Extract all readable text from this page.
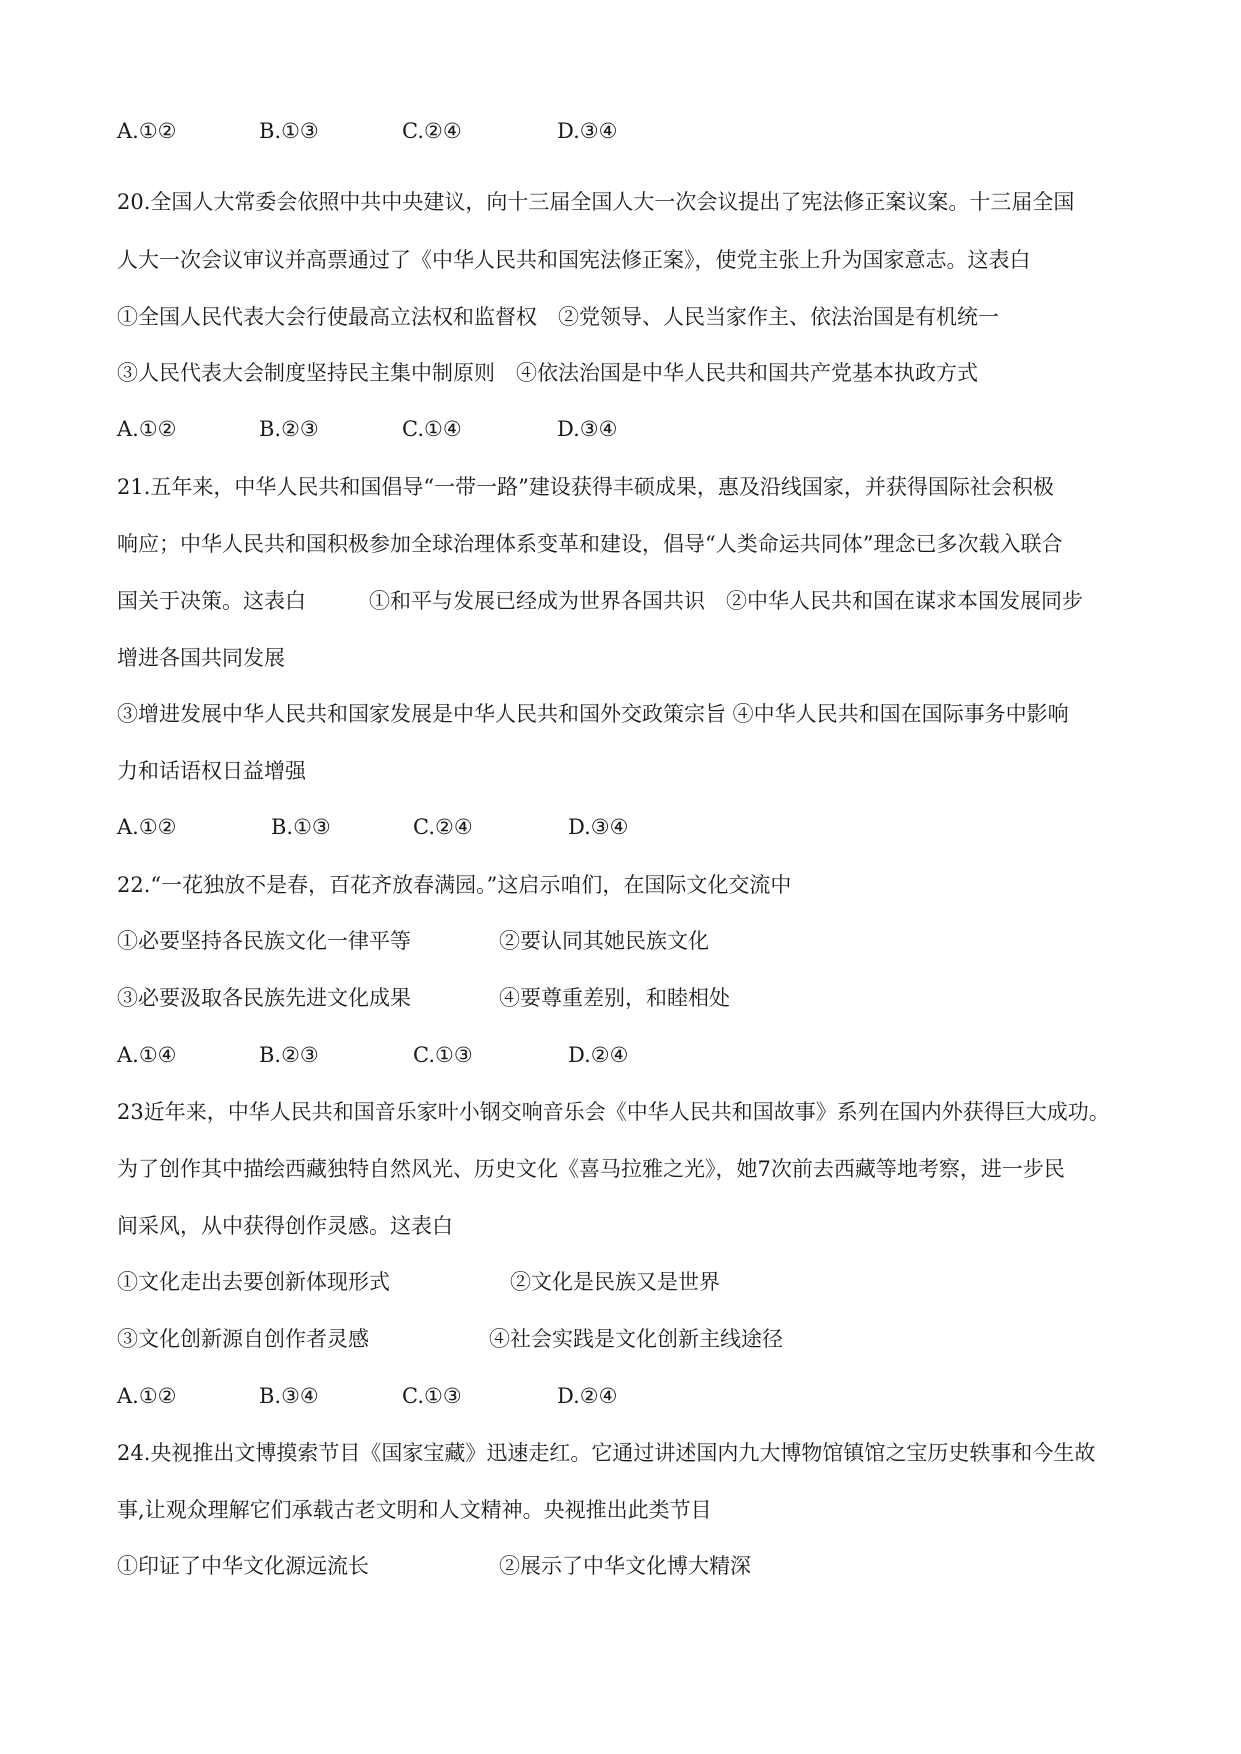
A.①②	B.①③	C.②④	D.③④
20.全国人大常委会依照中共中央建议，向十三届全国人大一次会议提出了宪法修正案议案。十三届全国
人大一次会议审议并高票通过了《中华人民共和国宪法修正案》，使党主张上升为国家意志。这表白
①全国人民代表大会行使最高立法权和监督权　②党领导、人民当家作主、依法治国是有机统一
③人民代表大会制度坚持民主集中制原则　④依法治国是中华人民共和国共产党基本执政方式
A.①②	B.②③	C.①④	D.③④
21.五年来，中华人民共和国倡导“一带一路”建设获得丰硕成果，惠及沿线国家，并获得国际社会积极
响应；中华人民共和国积极参加全球治理体系变革和建设，倡导“人类命运共同体”理念已多次载入联合
国关于决策。这表白　　　①和平与发展已经成为世界各国共识　②中华人民共和国在谋求本国发展同步
增进各国共同发展
③增进发展中华人民共和国家发展是中华人民共和国外交政策宗旨 ④中华人民共和国在国际事务中影响
力和话语权日益增强
A.①②	B.①③	C.②④	D.③④
22.“一花独放不是春，百花齐放春满园。”这启示咱们，在国际文化交流中
①必要坚持各民族文化一律平等	②要认同其她民族文化
③必要汲取各民族先进文化成果	④要尊重差别，和睦相处
A.①④	B.②③	C.①③	D.②④
23近年来，中华人民共和国音乐家叶小钢交响音乐会《中华人民共和国故事》系列在国内外获得巨大成功。
为了创作其中描绘西藏独特自然风光、历史文化《喜马拉雅之光》，她7次前去西藏等地考察，进一步民
间采风，从中获得创作灵感。这表白
①文化走出去要创新体现形式	②文化是民族又是世界
③文化创新源自创作者灵感	④社会实践是文化创新主线途径
A.①②	B.③④	C.①③	D.②④
24.央视推出文博摸索节目《国家宝藏》迅速走红。它通过讲述国内九大博物馆镇馆之宝历史轶事和今生故
事,让观众理解它们承载古老文明和人文精神。央视推出此类节目
①印证了中华文化源远流长	②展示了中华文化博大精深
